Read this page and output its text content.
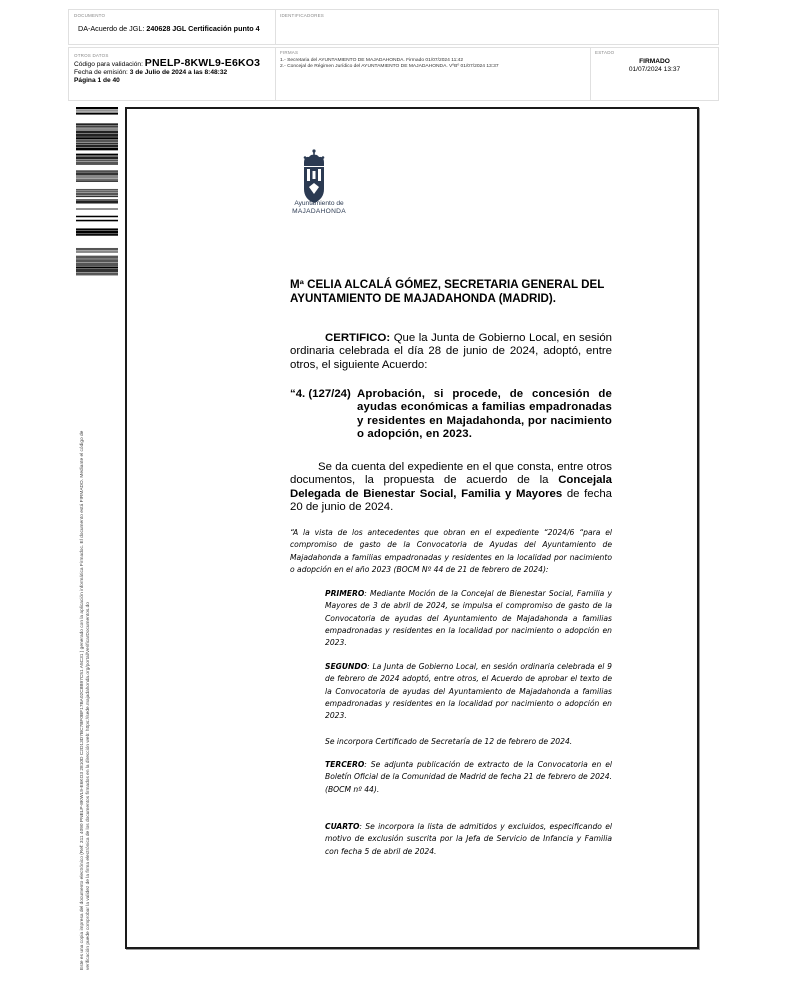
DOCUMENTO
DA-Acuerdo de JGL: 240628 JGL Certificación punto 4
IDENTIFICADORES
OTROS DATOS
Código para validación: PNELP-8KWL9-E6KO3
Fecha de emisión: 3 de Julio de 2024 a las 8:48:32
Página 1 de 40
FIRMAS
1.- Secretaria del AYUNTAMIENTO DE MAJADAHONDA. Firmado 01/07/2024 11:42
2.- Concejal de Régimen Jurídico del AYUNTAMIENTO DE MAJADAHONDA. VºBº 01/07/2024 13:37
ESTADO
FIRMADO
01/07/2024 13:37
Este es una copia impresa del documento electrónico (Ref: 311 4090 PNELP-8KWL9-E6KO3 2810D C2D13D7BC7BF0BF17BA02C8B97C51 A5C31 ) generado con la aplicación informática Firmadoc. El documento está FIRMADO. Mediante el código de verificación puede comprobar la validez de la firma electrónica de los documentos firmados en la dirección web: https://sede.majadahonda.org/portal/VerificarDocumentos.do
Ayuntamiento de
MAJADAHONDA
Mª CELIA ALCALÁ GÓMEZ, SECRETARIA GENERAL DEL AYUNTAMIENTO DE MAJADAHONDA (MADRID).
CERTIFICO: Que la Junta de Gobierno Local, en sesión ordinaria celebrada el día 28 de junio de 2024, adoptó, entre otros, el siguiente Acuerdo:
“4. (127/24) Aprobación, si procede, de concesión de ayudas económicas a familias empadronadas y residentes en Majadahonda, por nacimiento o adopción, en 2023.
Se da cuenta del expediente en el que consta, entre otros documentos, la propuesta de acuerdo de la Concejala Delegada de Bienestar Social, Familia y Mayores de fecha 20 de junio de 2024.
“A la vista de los antecedentes que obran en el expediente “2024/6 “para el compromiso de gasto de la Convocatoria de Ayudas del Ayuntamiento de Majadahonda a familias empadronadas y residentes en la localidad por nacimiento o adopción en el año 2023 (BOCM Nº 44 de 21 de febrero de 2024):
PRIMERO: Mediante Moción de la Concejal de Bienestar Social, Familia y Mayores de 3 de abril de 2024, se impulsa el compromiso de gasto de la Convocatoria de ayudas del Ayuntamiento de Majadahonda a familias empadronadas y residentes en la localidad por nacimiento o adopción en 2023.
SEGUNDO: La Junta de Gobierno Local, en sesión ordinaria celebrada el 9 de febrero de 2024 adoptó, entre otros, el Acuerdo de aprobar el texto de la Convocatoria de ayudas del Ayuntamiento de Majadahonda a familias empadronadas y residentes en la localidad por nacimiento o adopción en 2023.
Se incorpora Certificado de Secretaría de 12 de febrero de 2024.
TERCERO: Se adjunta publicación de extracto de la Convocatoria en el Boletín Oficial de la Comunidad de Madrid de fecha 21 de febrero de 2024. (BOCM nº 44).
CUARTO: Se incorpora la lista de admitidos y excluidos, especificando el motivo de exclusión suscrita por la Jefa de Servicio de Infancia y Familia con fecha 5 de abril de 2024.
